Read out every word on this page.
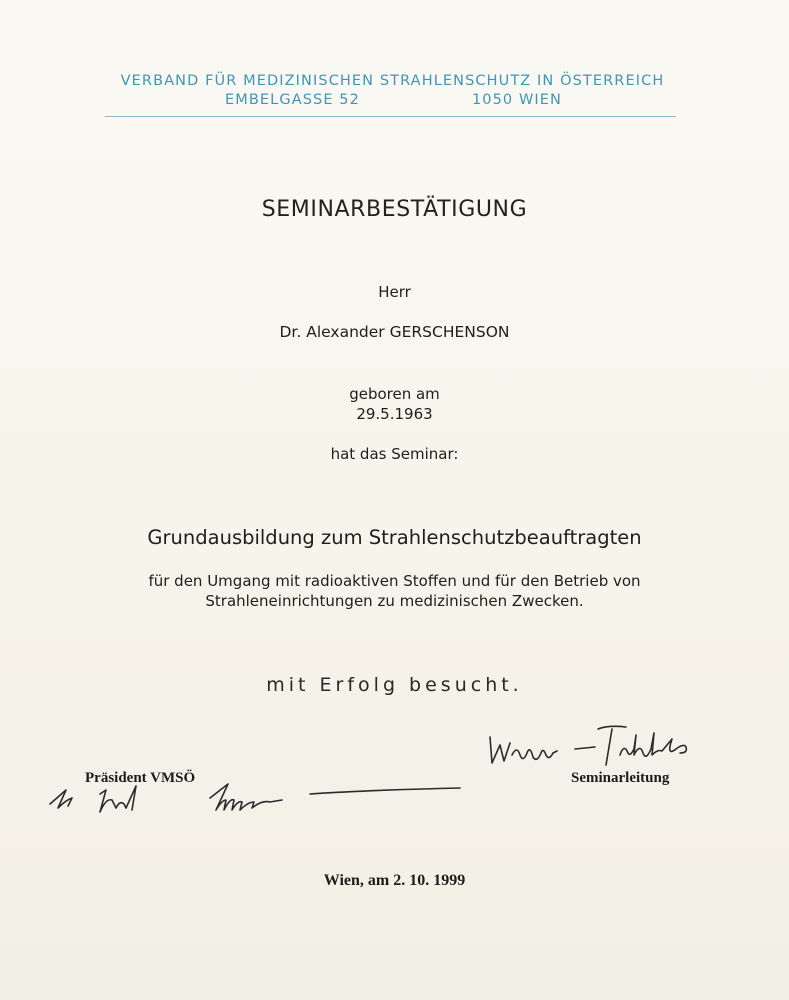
VERBAND FÜR MEDIZINISCHEN STRAHLENSCHUTZ IN ÖSTERREICH
EMBELGASSE 52	1050 WIEN
SEMINARBESTÄTIGUNG
Herr
Dr. Alexander GERSCHENSON
geboren am
29.5.1963
hat das Seminar:
Grundausbildung zum Strahlenschutzbeauftragten
für den Umgang mit radioaktiven Stoffen und für den Betrieb von
Strahleneinrichtungen zu medizinischen Zwecken.
mit Erfolg besucht.
Präsident VMSÖ	Seminarleitung
Wien, am 2. 10. 1999
